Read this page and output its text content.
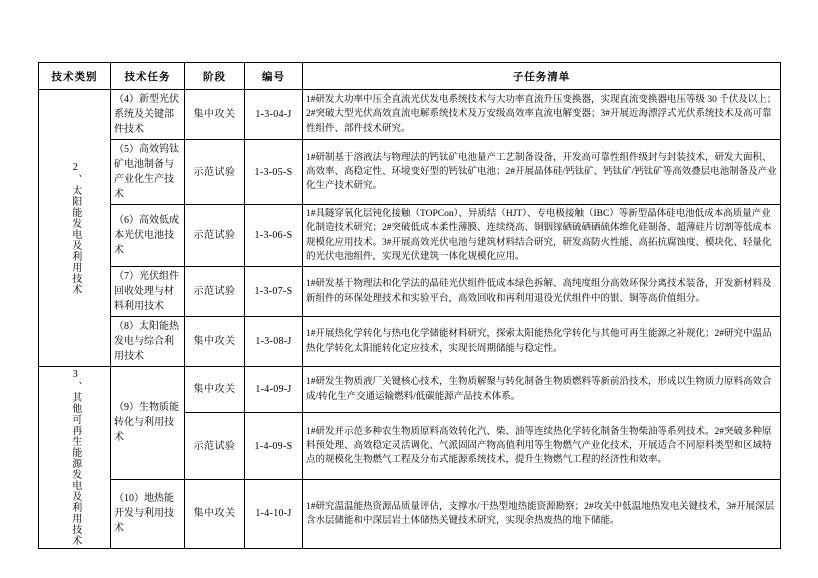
技术类别	技术任务	阶段	编号	子任务清单
2、太阳能发电及利用技术	（4）新型光伏系统及关键部件技术	集中攻关	1-3-04-J	1#研发大功率中压全直流光伏发电系统技术与大功率直流升压变换器，实现直流变换器电压等级 30 千伏及以上；2#突破大型光伏高效直流电解系统技术及万安级高效率直流电解变器；3#开展近海漂浮式光伏系统技术及高可靠性组件、部件技术研究。
	（5）高效钨钛矿电池制备与产业化生产技术	示范试验	1-3-05-S	1#研制基于溶液法与物理法的钙钛矿电池量产工艺制备设备，开发高可靠性组件级封与封装技术，研发大面积、高效率、高稳定性、环境变好型的钙钛矿电池；2#开展晶体硅/钙钛矿、钙钛矿/钙钛矿等高效叠层电池制备及产业化生产技术研究。
	（6）高效低成本光伏电池技术	示范试验	1-3-06-S	1#具隧穿氧化层钝化接触（TOPCon）、异质结（HJT）、专电极接触（IBC）等新型晶体硅电池低成本高质量产业化制造技术研究；2#突破低成本柔性薄膜、连续绕高、铜铟镓硒硫硒硒硫体维化硅制备、超薄硅片切割等低成本规模化应用技术。3#开展高效光伏电池与建筑材料结合研究，研发高防火性能、高拓抗腐蚀度、模块化、轻量化的光伏电池组件，实现光伏建筑一体化规模化应用。
	（7）光伏组件回收处理与材料利用技术	示范试验	1-3-07-S	1#研发基于物理法和化学法的晶硅光伏组件低成本绿色拆解、高纯度组分高效环保分离技术装备，开发新材料及新组件的环保处理技术和实验平台，高效回收和再利用退役光伏组件中的银、铜等高价值组分。
	（8）太阳能热发电与综合利用技术	集中攻关	1-3-08-J	1#开展热化学转化与热电化学储能材料研究，探索太阳能热化学转化与其他可再生能源之补规化；2#研究中温品热化学转化太阳能转化定应技术，实现长周期储能与稳定性。
3、其他可再生能源发电及利用技术	（9）生物质能转化与利用技术	集中攻关	1-4-09-J	1#研发生物质液厂关键核心技术，生物质解聚与转化制备生物质燃料等新前沿技术，形成以生物质力原料高效合成/转化生产交通运输燃料/低碳能源产品技术体系。
		示范试验	1-4-09-S	1#研发并示范多种农生物质原料高效转化汽、柴、油等连续热化学转化制备生物柴油等系列技术。2#突破多种原料预处理、高效稳定灵活调化、气派固固产物高值利用等生物燃气产业化技术，开展适合不同原料类型和区域特点的规模化生物燃气工程及分布式能源系统技术，提升生物燃气工程的经济性和效率。
	（10）地热能开发与利用技术	集中攻关	1-4-10-J	1#研究温温能热资源品质量评估，支撑水/干热型地热能资源勘察；2#攻关中低温地热发电关键技术，3#开展深层含水层储能和中深层岩土体储热关键技术研究，实现余热废热的地下储能。
